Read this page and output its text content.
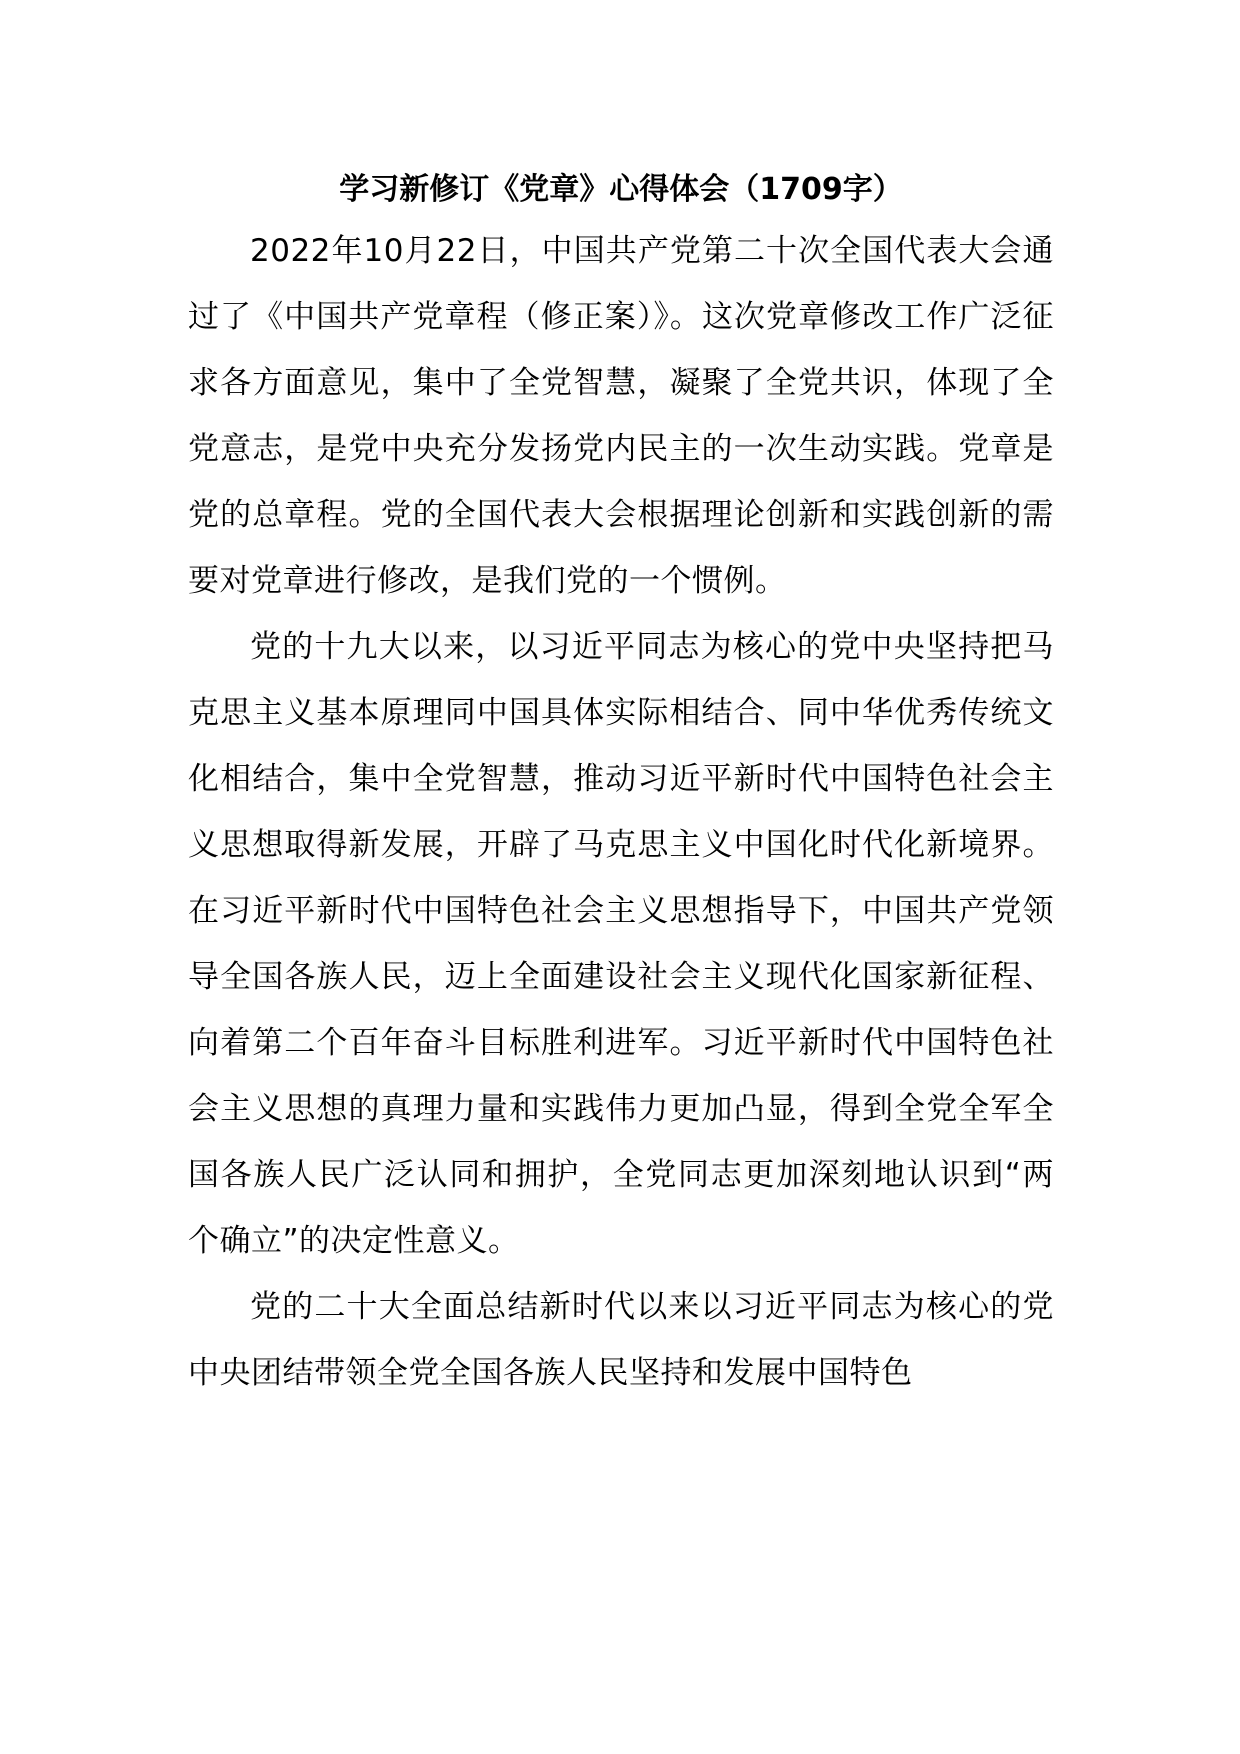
学习新修订《党章》心得体会（1709字）

2022年10月22日，中国共产党第二十次全国代表大会通过了《中国共产党章程（修正案）》。这次党章修改工作广泛征求各方面意见，集中了全党智慧，凝聚了全党共识，体现了全党意志，是党中央充分发扬党内民主的一次生动实践。党章是党的总章程。党的全国代表大会根据理论创新和实践创新的需要对党章进行修改，是我们党的一个惯例。

党的十九大以来，以习近平同志为核心的党中央坚持把马克思主义基本原理同中国具体实际相结合、同中华优秀传统文化相结合，集中全党智慧，推动习近平新时代中国特色社会主义思想取得新发展，开辟了马克思主义中国化时代化新境界。在习近平新时代中国特色社会主义思想指导下，中国共产党领导全国各族人民，迈上全面建设社会主义现代化国家新征程、向着第二个百年奋斗目标胜利进军。习近平新时代中国特色社会主义思想的真理力量和实践伟力更加凸显，得到全党全军全国各族人民广泛认同和拥护，全党同志更加深刻地认识到“两个确立”的决定性意义。

党的二十大全面总结新时代以来以习近平同志为核心的党中央团结带领全党全国各族人民坚持和发展中国特色
